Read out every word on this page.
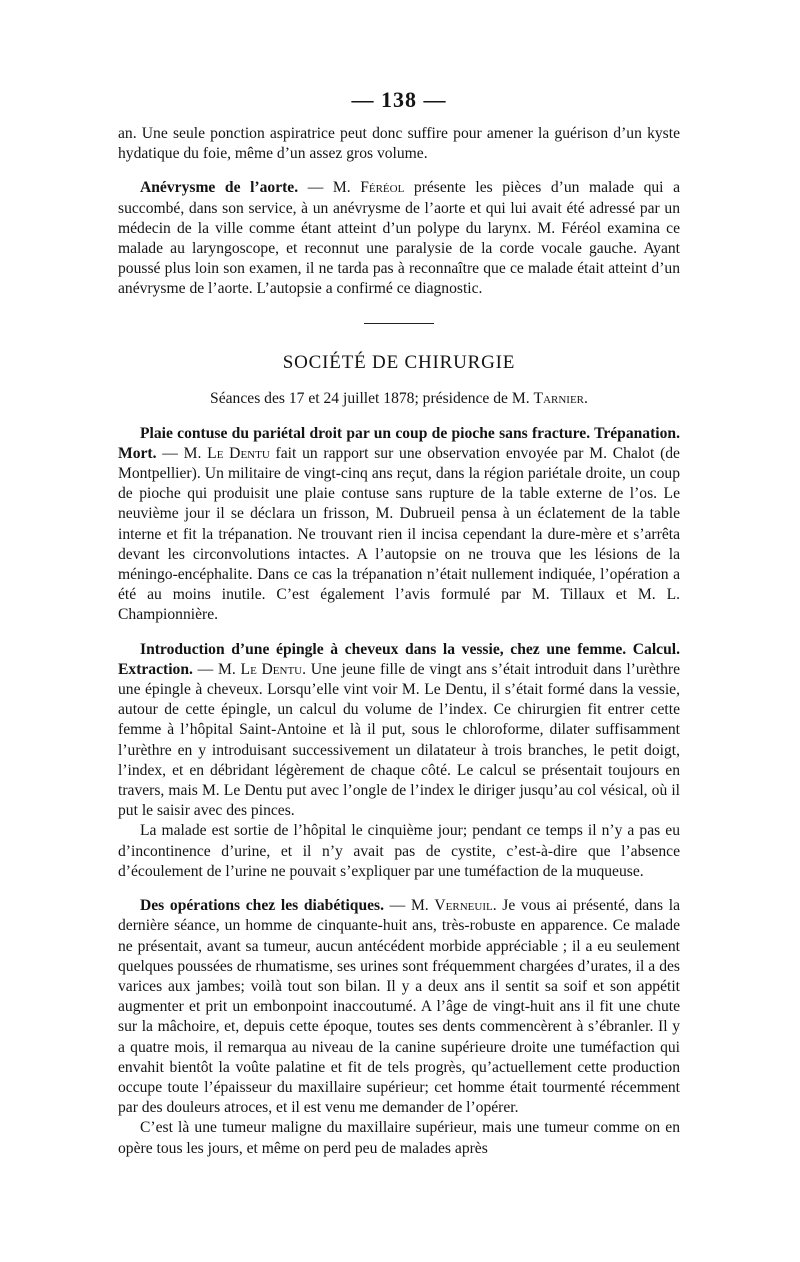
— 138 —

an. Une seule ponction aspiratrice peut donc suffire pour amener la guérison d’un kyste hydatique du foie, même d’un assez gros volume.

Anévrysme de l’aorte. — M. Féréol présente les pièces d’un malade qui a succombé, dans son service, à un anévrysme de l’aorte et qui lui avait été adressé par un médecin de la ville comme étant atteint d’un polype du larynx. M. Féréol examina ce malade au laryngoscope, et reconnut une paralysie de la corde vocale gauche. Ayant poussé plus loin son examen, il ne tarda pas à reconnaître que ce malade était atteint d’un anévrysme de l’aorte. L’autopsie a confirmé ce diagnostic.

SOCIÉTÉ DE CHIRURGIE
Séances des 17 et 24 juillet 1878; présidence de M. Tarnier.

Plaie contuse du pariétal droit par un coup de pioche sans fracture. Trépanation. Mort. — M. Le Dentu fait un rapport sur une observation envoyée par M. Chalot (de Montpellier). Un militaire de vingt-cinq ans reçut, dans la région pariétale droite, un coup de pioche qui produisit une plaie contuse sans rupture de la table externe de l’os. Le neuvième jour il se déclara un frisson, M. Dubrueil pensa à un éclatement de la table interne et fit la trépanation. Ne trouvant rien il incisa cependant la dure-mère et s’arrêta devant les circonvolutions intactes. A l’autopsie on ne trouva que les lésions de la méningo-encéphalite. Dans ce cas la trépanation n’était nullement indiquée, l’opération a été au moins inutile. C’est également l’avis formulé par M. Tillaux et M. L. Championnière.

Introduction d’une épingle à cheveux dans la vessie, chez une femme. Calcul. Extraction. — M. Le Dentu. Une jeune fille de vingt ans s’était introduit dans l’urèthre une épingle à cheveux. Lorsqu’elle vint voir M. Le Dentu, il s’était formé dans la vessie, autour de cette épingle, un calcul du volume de l’index. Ce chirurgien fit entrer cette femme à l’hôpital Saint-Antoine et là il put, sous le chloroforme, dilater suffisamment l’urèthre en y introduisant successivement un dilatateur à trois branches, le petit doigt, l’index, et en débridant légèrement de chaque côté. Le calcul se présentait toujours en travers, mais M. Le Dentu put avec l’ongle de l’index le diriger jusqu’au col vésical, où il put le saisir avec des pinces.

La malade est sortie de l’hôpital le cinquième jour; pendant ce temps il n’y a pas eu d’incontinence d’urine, et il n’y avait pas de cystite, c’est-à-dire que l’absence d’écoulement de l’urine ne pouvait s’expliquer par une tuméfaction de la muqueuse.

Des opérations chez les diabétiques. — M. Verneuil. Je vous ai présenté, dans la dernière séance, un homme de cinquante-huit ans, très-robuste en apparence. Ce malade ne présentait, avant sa tumeur, aucun antécédent morbide appréciable ; il a eu seulement quelques poussées de rhumatisme, ses urines sont fréquemment chargées d’urates, il a des varices aux jambes; voilà tout son bilan. Il y a deux ans il sentit sa soif et son appétit augmenter et prit un embonpoint inaccoutumé. A l’âge de vingt-huit ans il fit une chute sur la mâchoire, et, depuis cette époque, toutes ses dents commencèrent à s’ébranler. Il y a quatre mois, il remarqua au niveau de la canine supérieure droite une tuméfaction qui envahit bientôt la voûte palatine et fit de tels progrès, qu’actuellement cette production occupe toute l’épaisseur du maxillaire supérieur; cet homme était tourmenté récemment par des douleurs atroces, et il est venu me demander de l’opérer.

C’est là une tumeur maligne du maxillaire supérieur, mais une tumeur comme on en opère tous les jours, et même on perd peu de malades après
